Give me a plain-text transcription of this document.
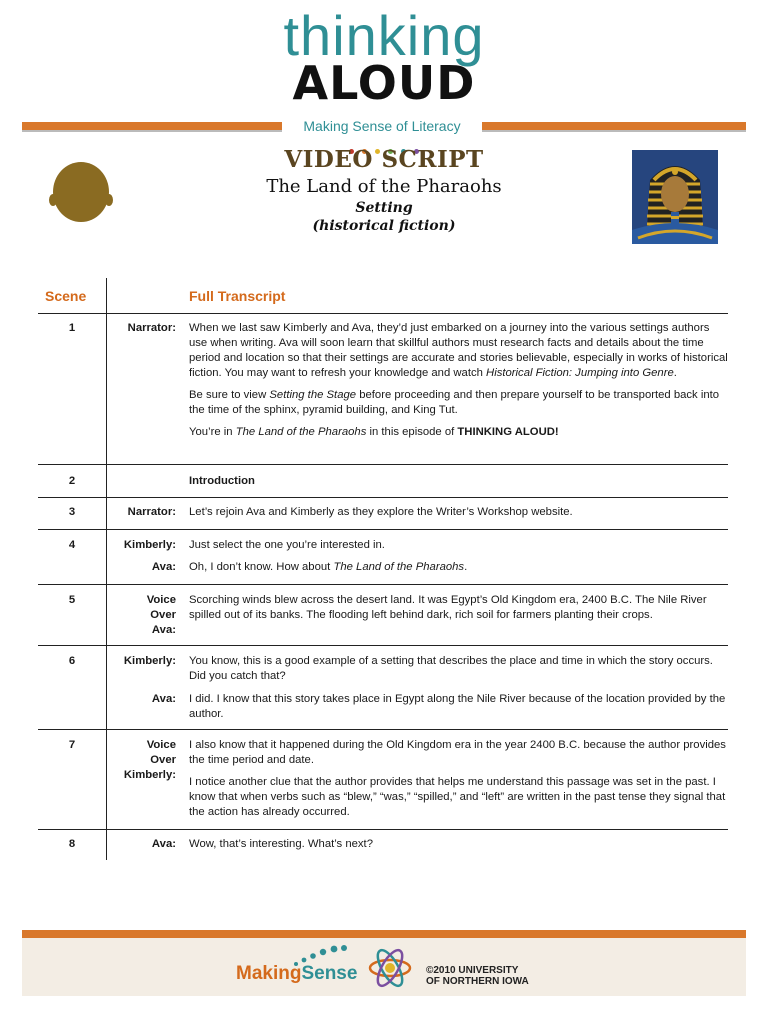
thinking
ALOUD
Making Sense of Literacy
VIDEO SCRIPT
The Land of the Pharaohs
Setting
(historical fiction)
Scene	Full Transcript
1	Narrator: When we last saw Kimberly and Ava, they’d just embarked on a journey into the various settings authors use when writing. Ava will soon learn that skillful authors must research facts and details about the time period and location so that their settings are accurate and stories believable, especially in works of historical fiction. You may want to refresh your knowledge and watch Historical Fiction: Jumping into Genre.

Be sure to view Setting the Stage before proceeding and then prepare yourself to be transported back into the time of the sphinx, pyramid building, and King Tut.

You’re in The Land of the Pharaohs in this episode of THINKING ALOUD!

2	Introduction
3	Narrator: Let’s rejoin Ava and Kimberly as they explore the Writer’s Workshop website.
4	Kimberly: Just select the one you’re interested in.
Ava: Oh, I don’t know. How about The Land of the Pharaohs.
5	Voice
Over
Ava:
Scorching winds blew across the desert land. It was Egypt’s Old Kingdom era, 2400 B.C. The Nile River spilled out of its banks. The flooding left behind dark, rich soil for farmers planting their crops.
6	Kimberly: You know, this is a good example of a setting that describes the place and time in which the story occurs. Did you catch that?
Ava: I did. I know that this story takes place in Egypt along the Nile River because of the location provided by the author.
7	Voice
Over
Kimberly:

I also know that it happened during the Old Kingdom era in the year 2400 B.C. because the author provides the time period and date.

I notice another clue that the author provides that helps me understand this passage was set in the past. I know that when verbs such as “blew,” “was,” “spilled,” and “left” are written in the past tense they signal that the action has already occurred.

8	Ava: Wow, that’s interesting. What’s next?
MakingSense	©2010 UNIVERSITY
OF NORTHERN IOWA
